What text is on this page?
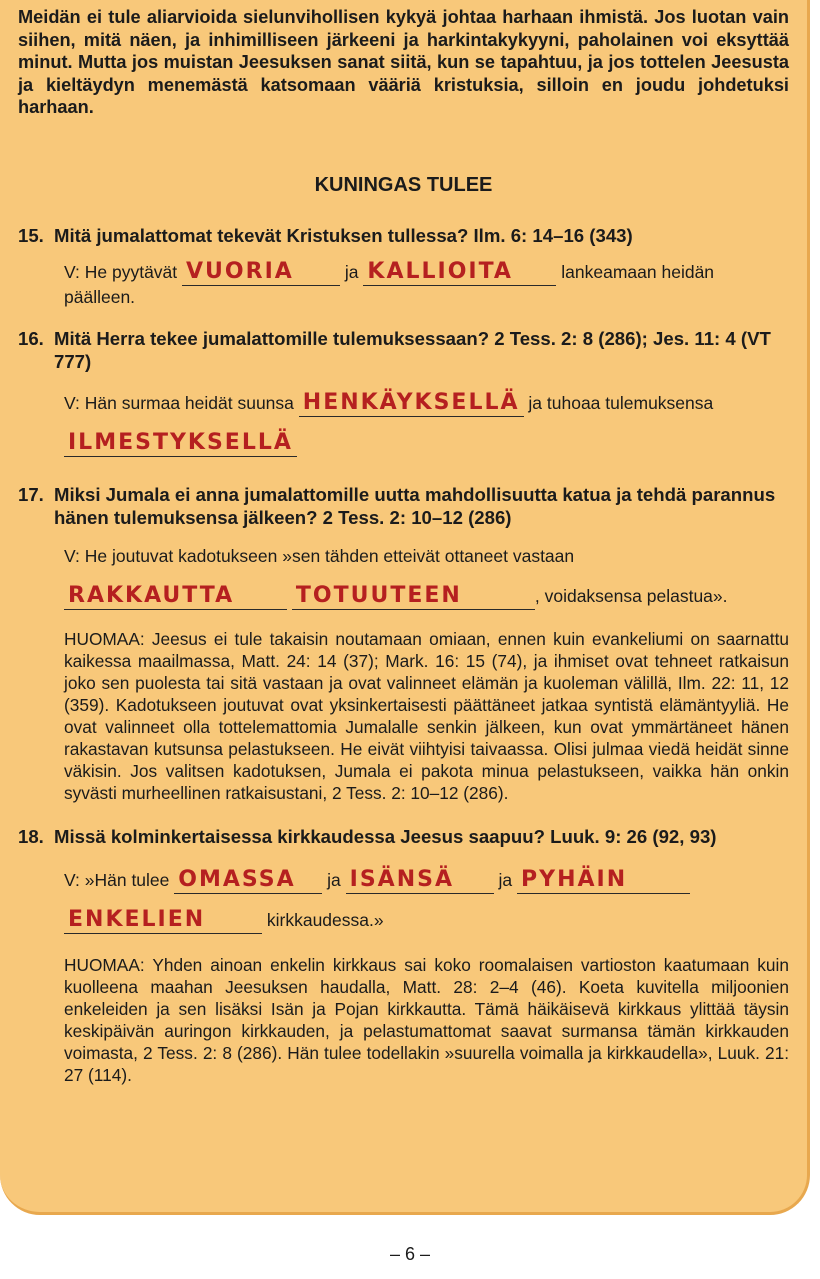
Meidän ei tule aliarvioida sielunvihollisen kykyä johtaa harhaan ihmistä. Jos luotan vain siihen, mitä näen, ja inhimilliseen järkeeni ja harkintakykyyni, paholainen voi eksyttää minut. Mutta jos muistan Jeesuksen sanat siitä, kun se tapahtuu, ja jos tottelen Jeesusta ja kieltäydyn menemästä katsomaan vääriä kristuksia, silloin en joudu johdetuksi harhaan.

KUNINGAS TULEE

15. Mitä jumalattomat tekevät Kristuksen tullessa? Ilm. 6: 14–16 (343)

V: He pyytävät VUORIA	ja KALLIOITA	lankeamaan heidän päälleen.

16. Mitä Herra tekee jumalattomille tulemuksessaan? 2 Tess. 2: 8 (286); Jes. 11: 4 (VT 777)

V: Hän surmaa heidät suunsa HENKÄYKSELLÄ ja tuhoaa tulemuksensa ILMESTYKSELLÄ

17. Miksi Jumala ei anna jumalattomille uutta mahdollisuutta katua ja tehdä parannus hänen tulemuksensa jälkeen? 2 Tess. 2: 10–12 (286)

V: He joutuvat kadotukseen »sen tähden etteivät ottaneet vastaan

RAKKAUTTA	TOTUUTEEN	, voidaksensa pelastua».

HUOMAA: Jeesus ei tule takaisin noutamaan omiaan, ennen kuin evankeliumi on saarnattu kaikessa maailmassa, Matt. 24: 14 (37); Mark. 16: 15 (74), ja ihmiset ovat tehneet ratkaisun joko sen puolesta tai sitä vastaan ja ovat valinneet elämän ja kuoleman välillä, Ilm. 22: 11, 12 (359). Kadotukseen joutuvat ovat yksinkertaisesti päättäneet jatkaa syntistä elämäntyyliä. He ovat valinneet olla tottelemattomia Jumalalle senkin jälkeen, kun ovat ymmärtäneet hänen rakastavan kutsunsa pelastukseen. He eivät viihtyisi taivaassa. Olisi julmaa viedä heidät sinne väkisin. Jos valitsen kadotuksen, Jumala ei pakota minua pelastukseen, vaikka hän onkin syvästi murheellinen ratkaisustani, 2 Tess. 2: 10–12 (286).

18. Missä kolminkertaisessa kirkkaudessa Jeesus saapuu? Luuk. 9: 26 (92, 93)

V: »Hän tulee OMASSA ja ISÄNSÄ	ja PYHÄIN
ENKELIEN	kirkkaudessa.»

HUOMAA: Yhden ainoan enkelin kirkkaus sai koko roomalaisen vartioston kaatumaan kuin kuolleena maahan Jeesuksen haudalla, Matt. 28: 2–4 (46). Koeta kuvitella miljoonien enkeleiden ja sen lisäksi Isän ja Pojan kirkkautta. Tämä häikäisevä kirkkaus ylittää täysin keskipäivän auringon kirkkauden, ja pelastumattomat saavat surmansa tämän kirkkauden voimasta, 2 Tess. 2: 8 (286). Hän tulee todellakin »suurella voimalla ja kirkkaudella», Luuk. 21: 27 (114).

– 6 –
